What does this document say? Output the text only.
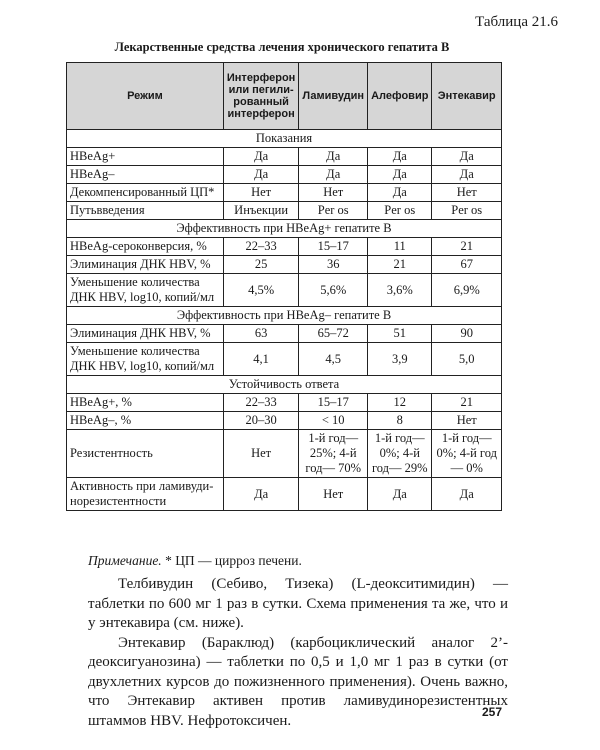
Таблица 21.6
Лекарственные средства лечения хронического гепатита В
Режим	Интерферон или пегили-рованный интерферон	Ламивудин	Алефовир	Энтекавир
Показания				
HBeAg+	Да	Да	Да	Да
HBeAg–	Да	Да	Да	Да
Декомпенсированный ЦП*	Нет	Нет	Да	Нет
Путьвведения	Инъекции	Per os	Per os	Per os
Эффективность при HBeAg+ гепатите В				
HBeAg-сероконверсия, %	22–33	15–17	11	21
Элиминация ДНК HBV, %	25	36	21	67
Уменьшение количества ДНК HBV, log10, копий/мл	4,5%	5,6%	3,6%	6,9%
Эффективность при HBeAg– гепатите В				
Элиминация ДНК HBV, %	63	65–72	51	90
Уменьшение количества ДНК HBV, log10, копий/мл	4,1	4,5	3,9	5,0
Устойчивость ответа				
HBeAg+, %	22–33	15–17	12	21
HBeAg–, %	20–30	< 10	8	Нет
Резистентность	Нет	1-й год— 25%; 4-й год— 70%	1-й год— 0%; 4-й год— 29%	1-й год— 0%; 4-й год— 0%
Активность при ламивуди-норезистентности	Да	Нет	Да	Да
Примечание. * ЦП — цирроз печени.

Телбивудин (Себиво, Тизека) (L-деокситимидин) — таблетки по 600 мг 1 раз в сутки. Схема применения та же, что и у энтекавира (см. ниже).

Энтекавир (Бараклюд) (карбоциклический аналог 2’-деоксигуанозина) — таблетки по 0,5 и 1,0 мг 1 раз в сутки (от двухлетних курсов до пожизненного применения). Очень важно, что Энтекавир активен против ламивудинорезистентных штаммов HBV. Нефротоксичен.

257
